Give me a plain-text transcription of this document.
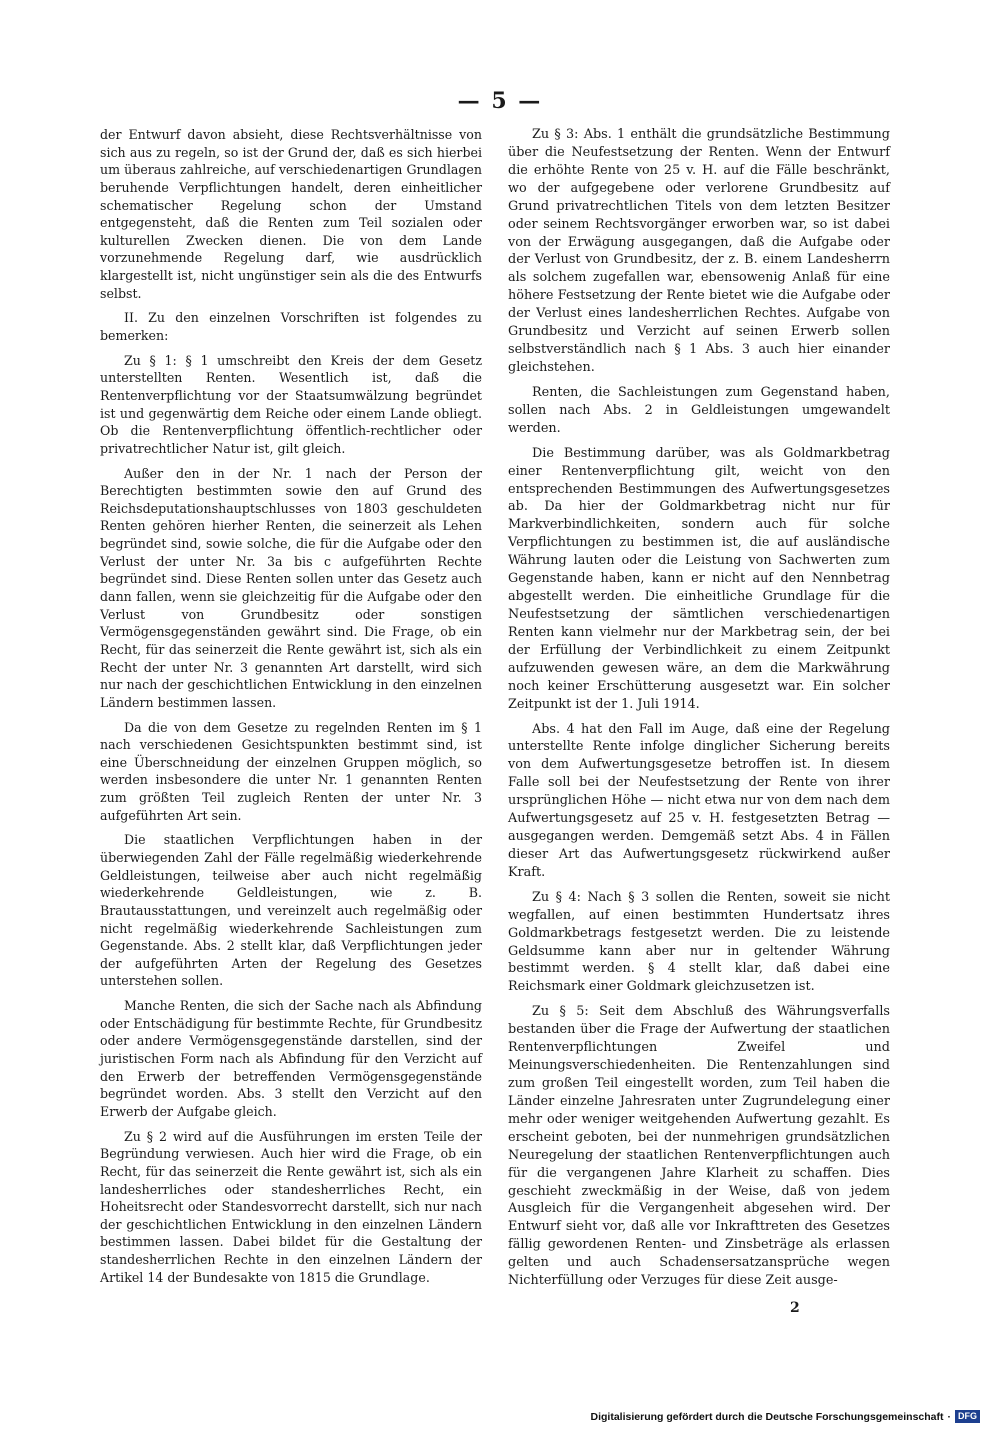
— 5 —

der Entwurf davon absieht, diese Rechtsverhältnisse von sich aus zu regeln, so ist der Grund der, daß es sich hierbei um überaus zahlreiche, auf verschiedenartigen Grundlagen beruhende Verpflichtungen handelt, deren einheitlicher schematischer Regelung schon der Umstand entgegensteht, daß die Renten zum Teil sozialen oder kulturellen Zwecken dienen. Die von dem Lande vorzunehmende Regelung darf, wie ausdrücklich klargestellt ist, nicht ungünstiger sein als die des Entwurfs selbst.

II. Zu den einzelnen Vorschriften ist folgendes zu bemerken:

Zu § 1: § 1 umschreibt den Kreis der dem Gesetz unterstellten Renten. Wesentlich ist, daß die Rentenverpflichtung vor der Staatsumwälzung begründet ist und gegenwärtig dem Reiche oder einem Lande obliegt. Ob die Rentenverpflichtung öffentlich-rechtlicher oder privatrechtlicher Natur ist, gilt gleich.

Außer den in der Nr. 1 nach der Person der Berechtigten bestimmten sowie den auf Grund des Reichsdeputationshauptschlusses von 1803 geschuldeten Renten gehören hierher Renten, die seinerzeit als Lehen begründet sind, sowie solche, die für die Aufgabe oder den Verlust der unter Nr. 3a bis c aufgeführten Rechte begründet sind. Diese Renten sollen unter das Gesetz auch dann fallen, wenn sie gleichzeitig für die Aufgabe oder den Verlust von Grundbesitz oder sonstigen Vermögensgegenständen gewährt sind. Die Frage, ob ein Recht, für das seinerzeit die Rente gewährt ist, sich als ein Recht der unter Nr. 3 genannten Art darstellt, wird sich nur nach der geschichtlichen Entwicklung in den einzelnen Ländern bestimmen lassen.

Da die von dem Gesetze zu regelnden Renten im § 1 nach verschiedenen Gesichtspunkten bestimmt sind, ist eine Überschneidung der einzelnen Gruppen möglich, so werden insbesondere die unter Nr. 1 genannten Renten zum größten Teil zugleich Renten der unter Nr. 3 aufgeführten Art sein.

Die staatlichen Verpflichtungen haben in der überwiegenden Zahl der Fälle regelmäßig wiederkehrende Geldleistungen, teilweise aber auch nicht regelmäßig wiederkehrende Geldleistungen, wie z. B. Brautausstattungen, und vereinzelt auch regelmäßig oder nicht regelmäßig wiederkehrende Sachleistungen zum Gegenstande. Abs. 2 stellt klar, daß Verpflichtungen jeder der aufgeführten Arten der Regelung des Gesetzes unterstehen sollen.

Manche Renten, die sich der Sache nach als Abfindung oder Entschädigung für bestimmte Rechte, für Grundbesitz oder andere Vermögensgegenstände darstellen, sind der juristischen Form nach als Abfindung für den Verzicht auf den Erwerb der betreffenden Vermögensgegenstände begründet worden. Abs. 3 stellt den Verzicht auf den Erwerb der Aufgabe gleich.

Zu § 2 wird auf die Ausführungen im ersten Teile der Begründung verwiesen. Auch hier wird die Frage, ob ein Recht, für das seinerzeit die Rente gewährt ist, sich als ein landesherrliches oder standesherrliches Recht, ein Hoheitsrecht oder Standesvorrecht darstellt, sich nur nach der geschichtlichen Entwicklung in den einzelnen Ländern bestimmen lassen. Dabei bildet für die Gestaltung der standesherrlichen Rechte in den einzelnen Ländern der Artikel 14 der Bundesakte von 1815 die Grundlage.

Zu § 3: Abs. 1 enthält die grundsätzliche Bestimmung über die Neufestsetzung der Renten. Wenn der Entwurf die erhöhte Rente von 25 v. H. auf die Fälle beschränkt, wo der aufgegebene oder verlorene Grundbesitz auf Grund privatrechtlichen Titels von dem letzten Besitzer oder seinem Rechtsvorgänger erworben war, so ist dabei von der Erwägung ausgegangen, daß die Aufgabe oder der Verlust von Grundbesitz, der z. B. einem Landesherrn als solchem zugefallen war, ebensowenig Anlaß für eine höhere Festsetzung der Rente bietet wie die Aufgabe oder der Verlust eines landesherrlichen Rechtes. Aufgabe von Grundbesitz und Verzicht auf seinen Erwerb sollen selbstverständlich nach § 1 Abs. 3 auch hier einander gleichstehen.

Renten, die Sachleistungen zum Gegenstand haben, sollen nach Abs. 2 in Geldleistungen umgewandelt werden.

Die Bestimmung darüber, was als Goldmarkbetrag einer Rentenverpflichtung gilt, weicht von den entsprechenden Bestimmungen des Aufwertungsgesetzes ab. Da hier der Goldmarkbetrag nicht nur für Markverbindlichkeiten, sondern auch für solche Verpflichtungen zu bestimmen ist, die auf ausländische Währung lauten oder die Leistung von Sachwerten zum Gegenstande haben, kann er nicht auf den Nennbetrag abgestellt werden. Die einheitliche Grundlage für die Neufestsetzung der sämtlichen verschiedenartigen Renten kann vielmehr nur der Markbetrag sein, der bei der Erfüllung der Verbindlichkeit zu einem Zeitpunkt aufzuwenden gewesen wäre, an dem die Markwährung noch keiner Erschütterung ausgesetzt war. Ein solcher Zeitpunkt ist der 1. Juli 1914.

Abs. 4 hat den Fall im Auge, daß eine der Regelung unterstellte Rente infolge dinglicher Sicherung bereits von dem Aufwertungsgesetze betroffen ist. In diesem Falle soll bei der Neufestsetzung der Rente von ihrer ursprünglichen Höhe — nicht etwa nur von dem nach dem Aufwertungsgesetz auf 25 v. H. festgesetzten Betrag — ausgegangen werden. Demgemäß setzt Abs. 4 in Fällen dieser Art das Aufwertungsgesetz rückwirkend außer Kraft.

Zu § 4: Nach § 3 sollen die Renten, soweit sie nicht wegfallen, auf einen bestimmten Hundertsatz ihres Goldmarkbetrags festgesetzt werden. Die zu leistende Geldsumme kann aber nur in geltender Währung bestimmt werden. § 4 stellt klar, daß dabei eine Reichsmark einer Goldmark gleichzusetzen ist.

Zu § 5: Seit dem Abschluß des Währungsverfalls bestanden über die Frage der Aufwertung der staatlichen Rentenverpflichtungen Zweifel und Meinungsverschiedenheiten. Die Rentenzahlungen sind zum großen Teil eingestellt worden, zum Teil haben die Länder einzelne Jahresraten unter Zugrundelegung einer mehr oder weniger weitgehenden Aufwertung gezahlt. Es erscheint geboten, bei der nunmehrigen grundsätzlichen Neuregelung der staatlichen Rentenverpflichtungen auch für die vergangenen Jahre Klarheit zu schaffen. Dies geschieht zweckmäßig in der Weise, daß von jedem Ausgleich für die Vergangenheit abgesehen wird. Der Entwurf sieht vor, daß alle vor Inkrafttreten des Gesetzes fällig gewordenen Renten- und Zinsbeträge als erlassen gelten und auch Schadensersatzansprüche wegen Nichterfüllung oder Verzuges für diese Zeit ausge-

2
Digitalisierung gefördert durch die Deutsche Forschungsgemeinschaft · DFG
